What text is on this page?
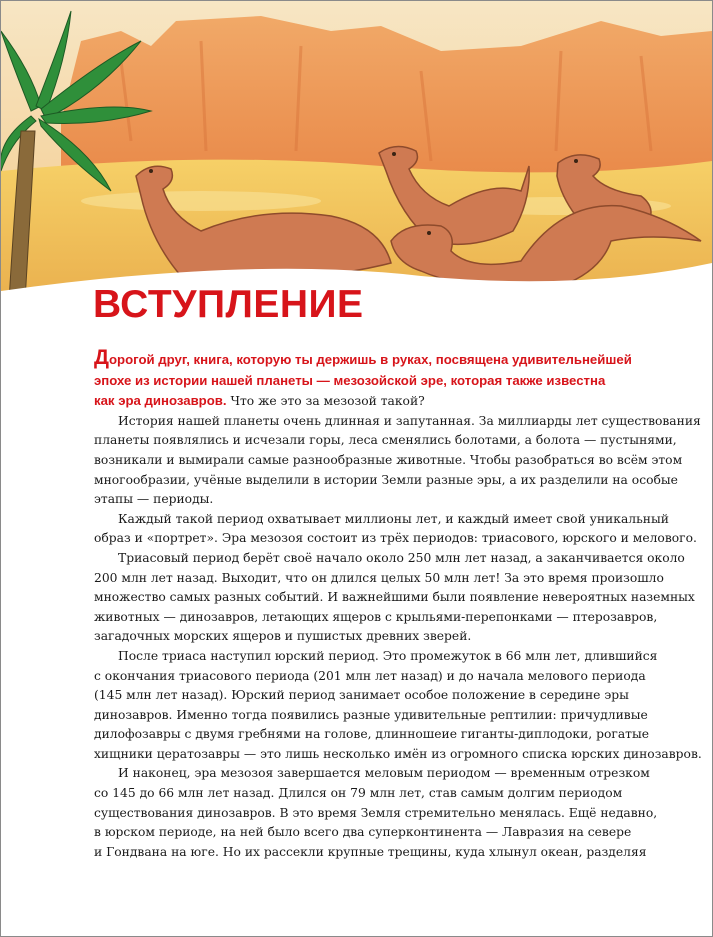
ВСТУПЛЕНИЕ
Дорогой друг, книга, которую ты держишь в руках, посвящена удивительнейшей
эпохе из истории нашей планеты — мезозойской эре, которая также известна
как эра динозавров. Что же это за мезозой такой?
История нашей планеты очень длинная и запутанная. За миллиарды лет существования
планеты появлялись и исчезали горы, леса сменялись болотами, а болота — пустынями,
возникали и вымирали самые разнообразные животные. Чтобы разобраться во всём этом
многообразии, учёные выделили в истории Земли разные эры, а их разделили на особые
этапы — периоды.
Каждый такой период охватывает миллионы лет, и каждый имеет свой уникальный
образ и «портрет». Эра мезозоя состоит из трёх периодов: триасового, юрского и мелового.
Триасовый период берёт своё начало около 250 млн лет назад, а заканчивается около
200 млн лет назад. Выходит, что он длился целых 50 млн лет! За это время произошло
множество самых разных событий. И важнейшими были появление невероятных наземных
животных — динозавров, летающих ящеров с крыльями-перепонками — птерозавров,
загадочных морских ящеров и пушистых древних зверей.
После триаса наступил юрский период. Это промежуток в 66 млн лет, длившийся
с окончания триасового периода (201 млн лет назад) и до начала мелового периода
(145 млн лет назад). Юрский период занимает особое положение в середине эры
динозавров. Именно тогда появились разные удивительные рептилии: причудливые
дилофозавры с двумя гребнями на голове, длинношеие гиганты-диплодоки, рогатые
хищники цератозавры — это лишь несколько имён из огромного списка юрских динозавров.
И наконец, эра мезозоя завершается меловым периодом — временным отрезком
со 145 до 66 млн лет назад. Длился он 79 млн лет, став самым долгим периодом
существования динозавров. В это время Земля стремительно менялась. Ещё недавно,
в юрском периоде, на ней было всего два суперконтинента — Лавразия на севере
и Гондвана на юге. Но их рассекли крупные трещины, куда хлынул океан, разделяя
